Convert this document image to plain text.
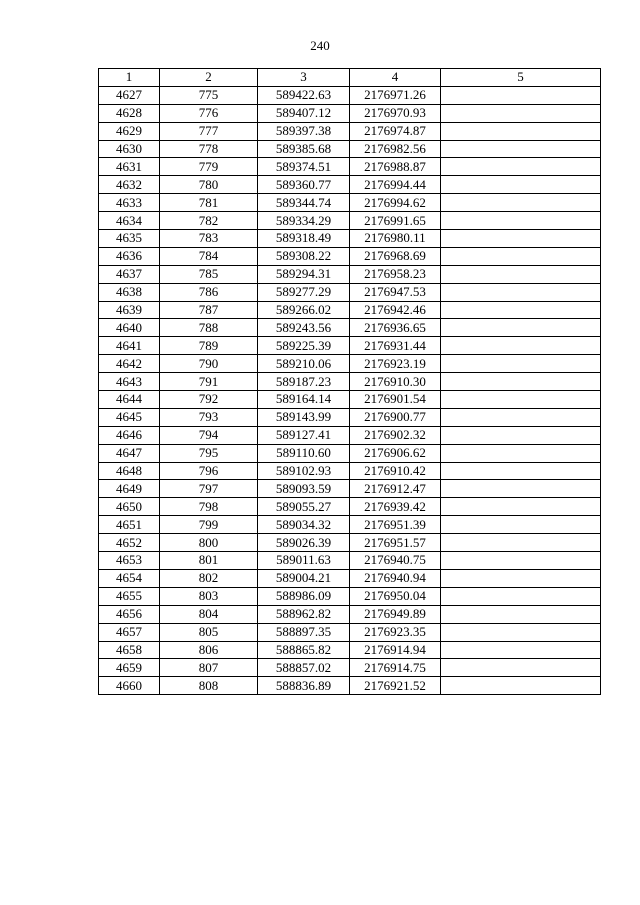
240
1	2	3	4	5
4627	775	589422.63	2176971.26	
4628	776	589407.12	2176970.93	
4629	777	589397.38	2176974.87	
4630	778	589385.68	2176982.56	
4631	779	589374.51	2176988.87	
4632	780	589360.77	2176994.44	
4633	781	589344.74	2176994.62	
4634	782	589334.29	2176991.65	
4635	783	589318.49	2176980.11	
4636	784	589308.22	2176968.69	
4637	785	589294.31	2176958.23	
4638	786	589277.29	2176947.53	
4639	787	589266.02	2176942.46	
4640	788	589243.56	2176936.65	
4641	789	589225.39	2176931.44	
4642	790	589210.06	2176923.19	
4643	791	589187.23	2176910.30	
4644	792	589164.14	2176901.54	
4645	793	589143.99	2176900.77	
4646	794	589127.41	2176902.32	
4647	795	589110.60	2176906.62	
4648	796	589102.93	2176910.42	
4649	797	589093.59	2176912.47	
4650	798	589055.27	2176939.42	
4651	799	589034.32	2176951.39	
4652	800	589026.39	2176951.57	
4653	801	589011.63	2176940.75	
4654	802	589004.21	2176940.94	
4655	803	588986.09	2176950.04	
4656	804	588962.82	2176949.89	
4657	805	588897.35	2176923.35	
4658	806	588865.82	2176914.94	
4659	807	588857.02	2176914.75	
4660	808	588836.89	2176921.52	
